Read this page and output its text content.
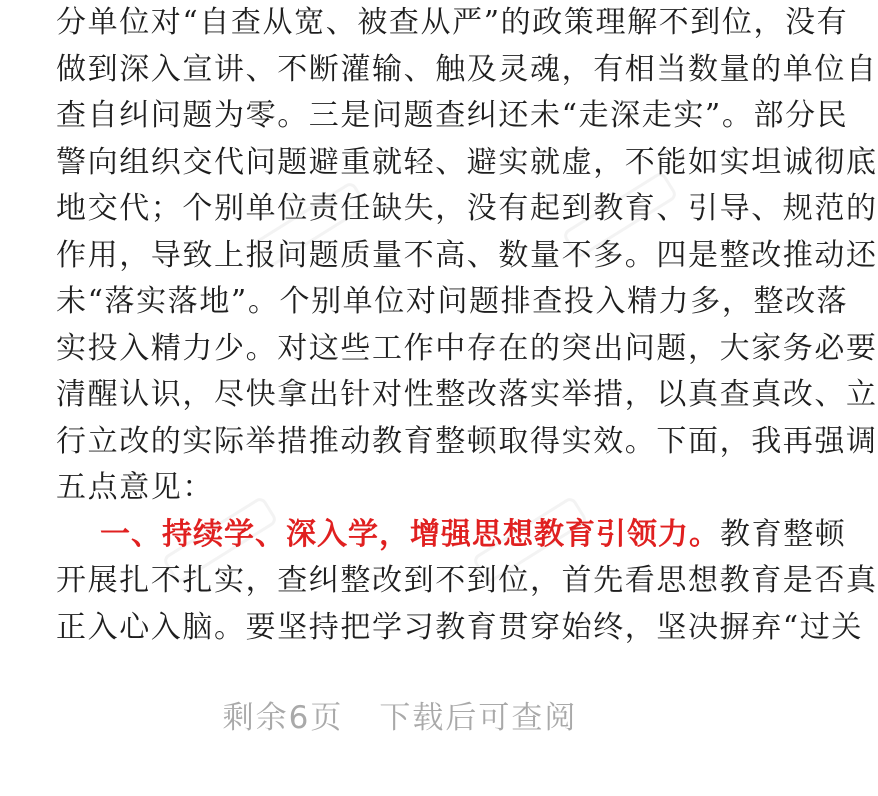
分单位对“自查从宽、被查从严”的政策理解不到位，没有
做到深入宣讲、不断灌输、触及灵魂，有相当数量的单位自
查自纠问题为零。三是问题查纠还未“走深走实”。部分民
警向组织交代问题避重就轻、避实就虚，不能如实坦诚彻底
地交代；个别单位责任缺失，没有起到教育、引导、规范的
作用，导致上报问题质量不高、数量不多。四是整改推动还
未“落实落地”。个别单位对问题排查投入精力多，整改落
实投入精力少。对这些工作中存在的突出问题，大家务必要
清醒认识，尽快拿出针对性整改落实举措，以真查真改、立
行立改的实际举措推动教育整顿取得实效。下面，我再强调
五点意见：
一、持续学、深入学，增强思想教育引领力。教育整顿
开展扎不扎实，查纠整改到不到位，首先看思想教育是否真
正入心入脑。要坚持把学习教育贯穿始终，坚决摒弃“过关
剩余6页 下载后可查阅
